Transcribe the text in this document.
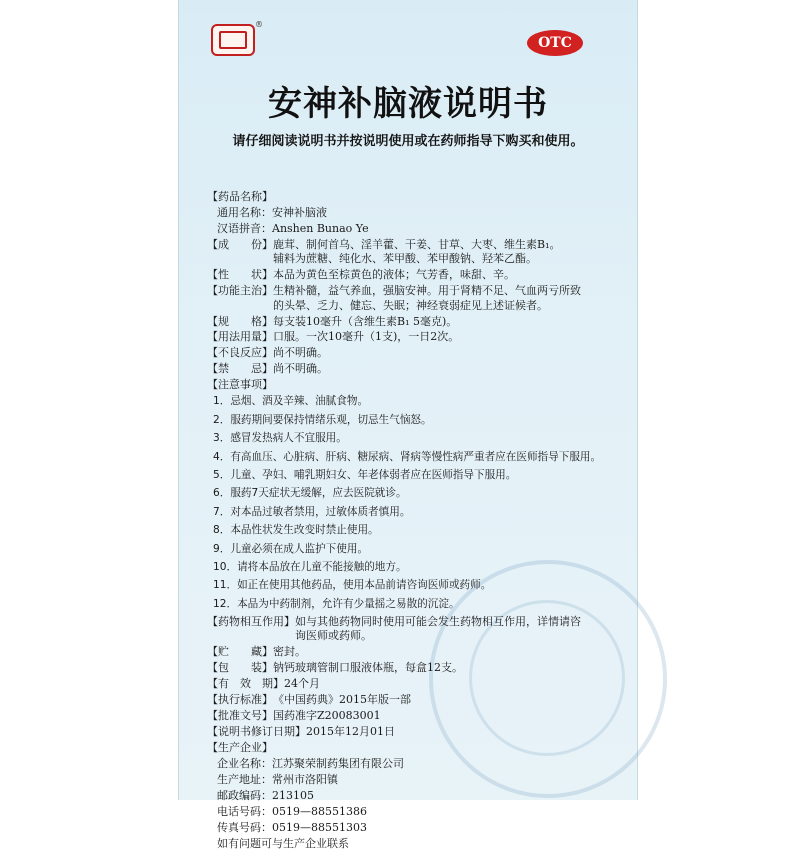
®
OTC
安神补脑液说明书
请仔细阅读说明书并按说明使用或在药师指导下购买和使用。
【药品名称】
通用名称： 安神补脑液
汉语拼音： Anshen Bunao Ye
【成　　份】 鹿茸、制何首乌、淫羊藿、干姜、甘草、大枣、维生素B₁。
辅料为蔗糖、纯化水、苯甲酸、苯甲酸钠、羟苯乙酯。
【性　　状】 本品为黄色至棕黄色的液体；气芳香，味甜、辛。
【功能主治】 生精补髓，益气养血，强脑安神。用于肾精不足、气血两亏所致
的头晕、乏力、健忘、失眠；神经衰弱症见上述证候者。
【规　　格】 每支装10毫升（含维生素B₁ 5毫克)。
【用法用量】 口服。一次10毫升（1支)，一日2次。
【不良反应】 尚不明确。
【禁　　忌】 尚不明确。
【注意事项】
1．忌烟、酒及辛辣、油腻食物。
2．服药期间要保持情绪乐观，切忌生气恼怒。
3．感冒发热病人不宜服用。
4．有高血压、心脏病、肝病、糖尿病、肾病等慢性病严重者应在医师指导下服用。
5．儿童、孕妇、哺乳期妇女、年老体弱者应在医师指导下服用。
6．服药7天症状无缓解，应去医院就诊。
7．对本品过敏者禁用，过敏体质者慎用。
8．本品性状发生改变时禁止使用。
9．儿童必须在成人监护下使用。
10．请将本品放在儿童不能接触的地方。
11．如正在使用其他药品，使用本品前请咨询医师或药师。
12．本品为中药制剂，允许有少量摇之易散的沉淀。
【药物相互作用】 如与其他药物同时使用可能会发生药物相互作用，详情请咨
询医师或药师。
【贮　　藏】 密封。
【包　　装】 钠钙玻璃管制口服液体瓶，每盒12支。
【有　效　期】 24个月
【执行标准】 《中国药典》2015年版一部
【批准文号】 国药准字Z20083001
【说明书修订日期】 2015年12月01日
【生产企业】
企业名称： 江苏聚荣制药集团有限公司
生产地址： 常州市洛阳镇
邮政编码： 213105
电话号码： 0519—88551386
传真号码： 0519—88551303
如有问题可与生产企业联系
